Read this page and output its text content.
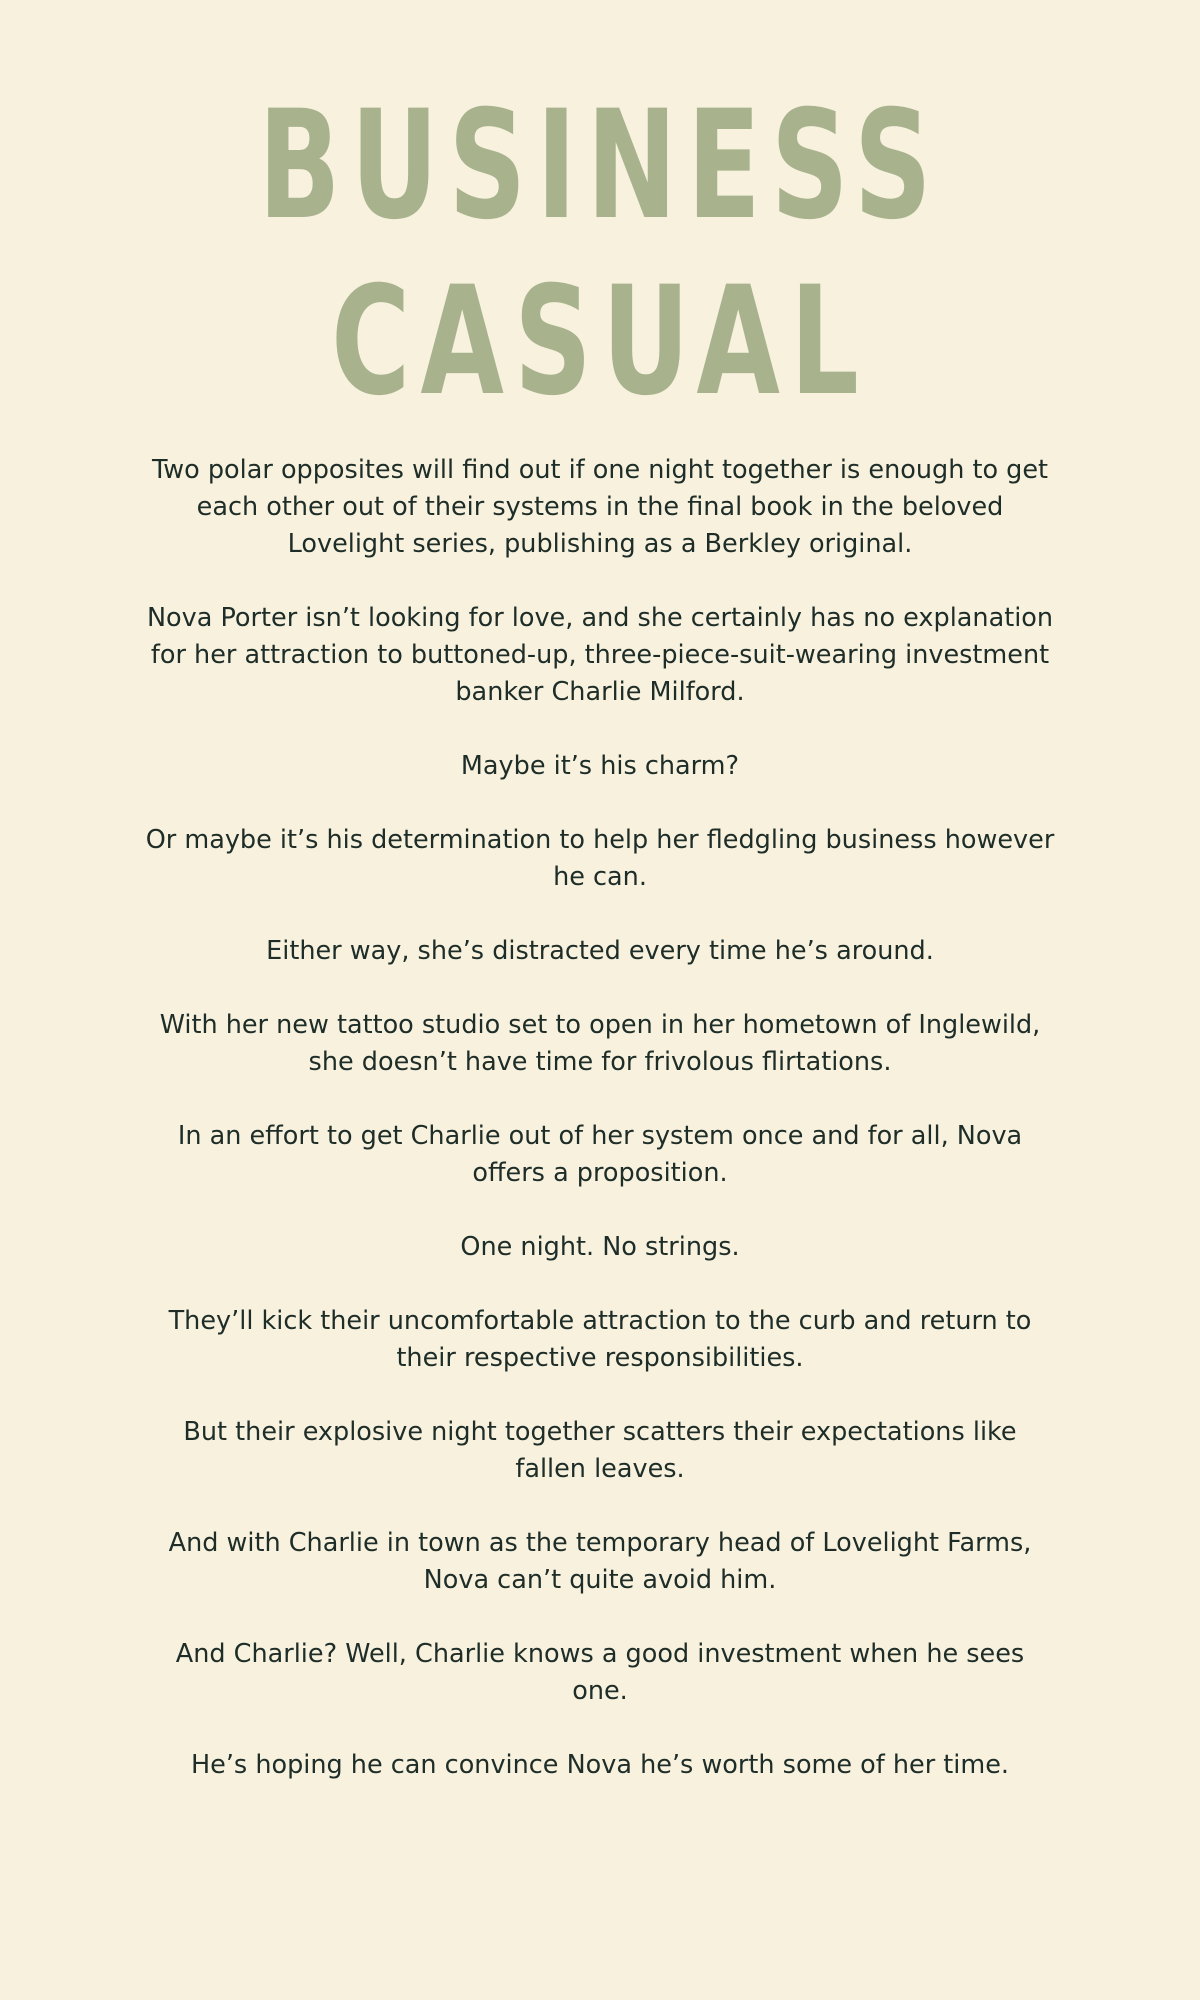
BUSINESS
CASUAL

Two polar opposites will find out if one night together is enough to get each other out of their systems in the final book in the beloved Lovelight series, publishing as a Berkley original.

Nova Porter isn’t looking for love, and she certainly has no explanation for her attraction to buttoned-up, three-piece-suit-wearing investment banker Charlie Milford.

Maybe it’s his charm?

Or maybe it’s his determination to help her fledgling business however he can.

Either way, she’s distracted every time he’s around.

With her new tattoo studio set to open in her hometown of Inglewild, she doesn’t have time for frivolous flirtations.

In an effort to get Charlie out of her system once and for all, Nova offers a proposition.

One night. No strings.

They’ll kick their uncomfortable attraction to the curb and return to their respective responsibilities.

But their explosive night together scatters their expectations like fallen leaves.

And with Charlie in town as the temporary head of Lovelight Farms, Nova can’t quite avoid him.

And Charlie? Well, Charlie knows a good investment when he sees one.

He’s hoping he can convince Nova he’s worth some of her time.
